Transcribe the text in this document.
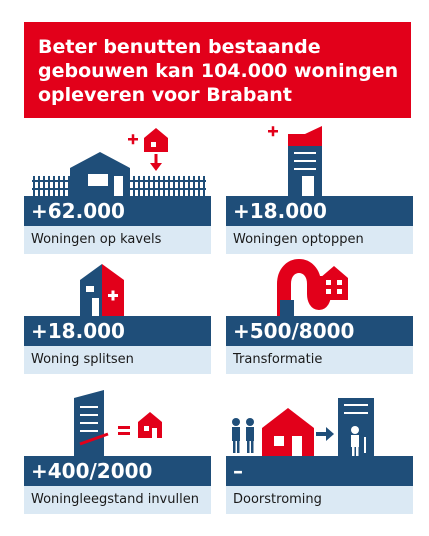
Beter benutten bestaande
gebouwen kan 104.000 woningen
opleveren voor Brabant
+62.000
Woningen op kavels
+18.000
Woningen optoppen
+18.000
Woning splitsen
+500/8000
Transformatie
+400/2000
Woningleegstand invullen
–
Doorstroming
